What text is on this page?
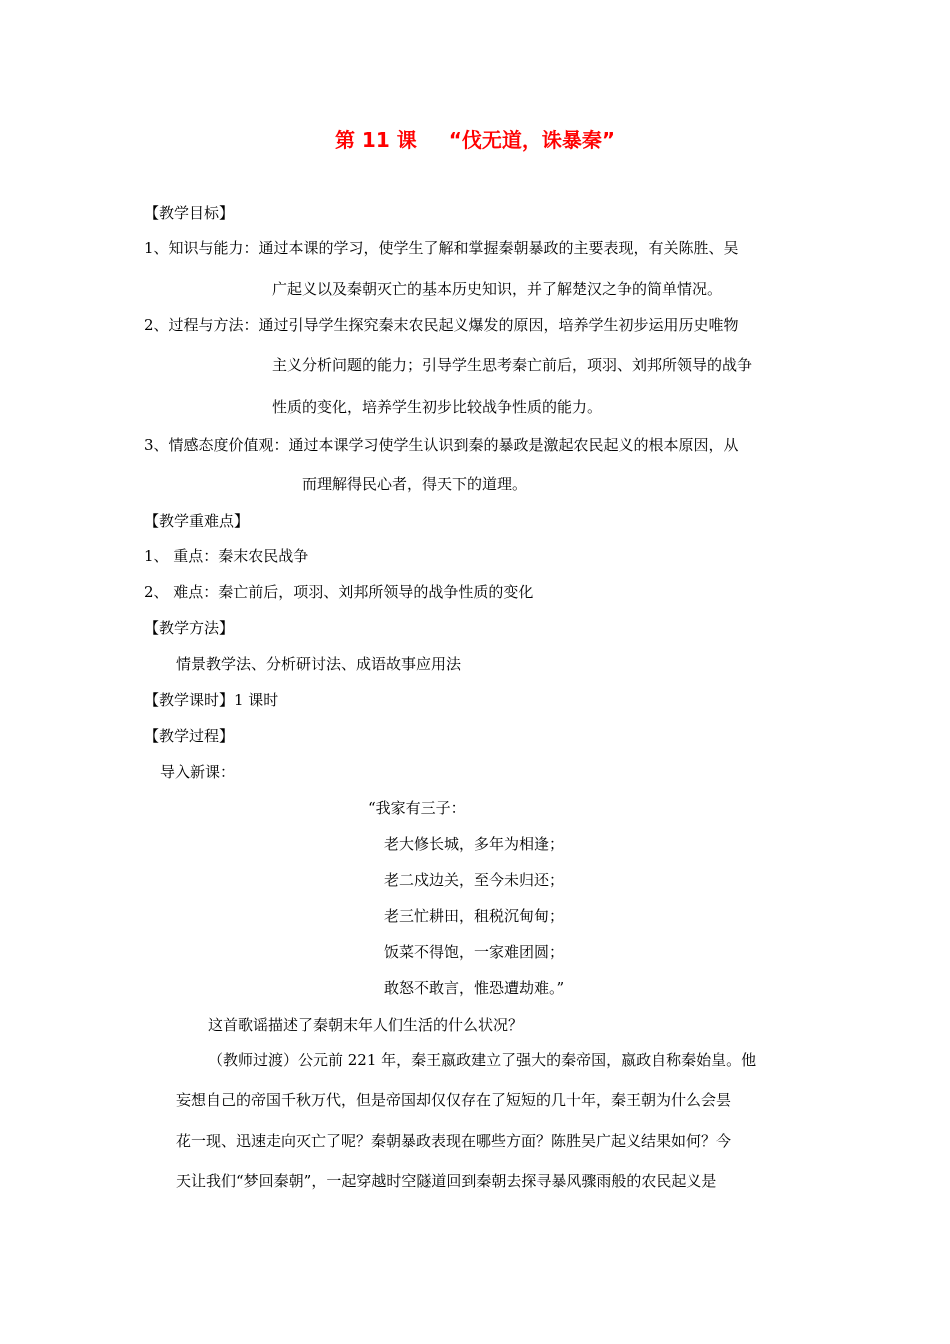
第 11 课 “伐无道，诛暴秦”
【教学目标】
1、知识与能力：通过本课的学习，使学生了解和掌握秦朝暴政的主要表现，有关陈胜、吴
广起义以及秦朝灭亡的基本历史知识，并了解楚汉之争的简单情况。
2、过程与方法：通过引导学生探究秦末农民起义爆发的原因，培养学生初步运用历史唯物
主义分析问题的能力；引导学生思考秦亡前后，项羽、刘邦所领导的战争
性质的变化，培养学生初步比较战争性质的能力。
3、情感态度价值观：通过本课学习使学生认识到秦的暴政是激起农民起义的根本原因，从
而理解得民心者，得天下的道理。
【教学重难点】
1、 重点：秦末农民战争
2、 难点：秦亡前后，项羽、刘邦所领导的战争性质的变化
【教学方法】
情景教学法、分析研讨法、成语故事应用法
【教学课时】1 课时
【教学过程】
导入新课：
“我家有三子：
老大修长城，多年为相逢；
老二戍边关，至今未归还；
老三忙耕田，租税沉甸甸；
饭菜不得饱，一家难团圆；
敢怒不敢言，惟恐遭劫难。”
这首歌谣描述了秦朝末年人们生活的什么状况？
（教师过渡）公元前 221 年，秦王嬴政建立了强大的秦帝国，嬴政自称秦始皇。他
妄想自己的帝国千秋万代，但是帝国却仅仅存在了短短的几十年，秦王朝为什么会昙
花一现、迅速走向灭亡了呢？秦朝暴政表现在哪些方面？陈胜吴广起义结果如何？今
天让我们“梦回秦朝”，一起穿越时空隧道回到秦朝去探寻暴风骤雨般的农民起义是
